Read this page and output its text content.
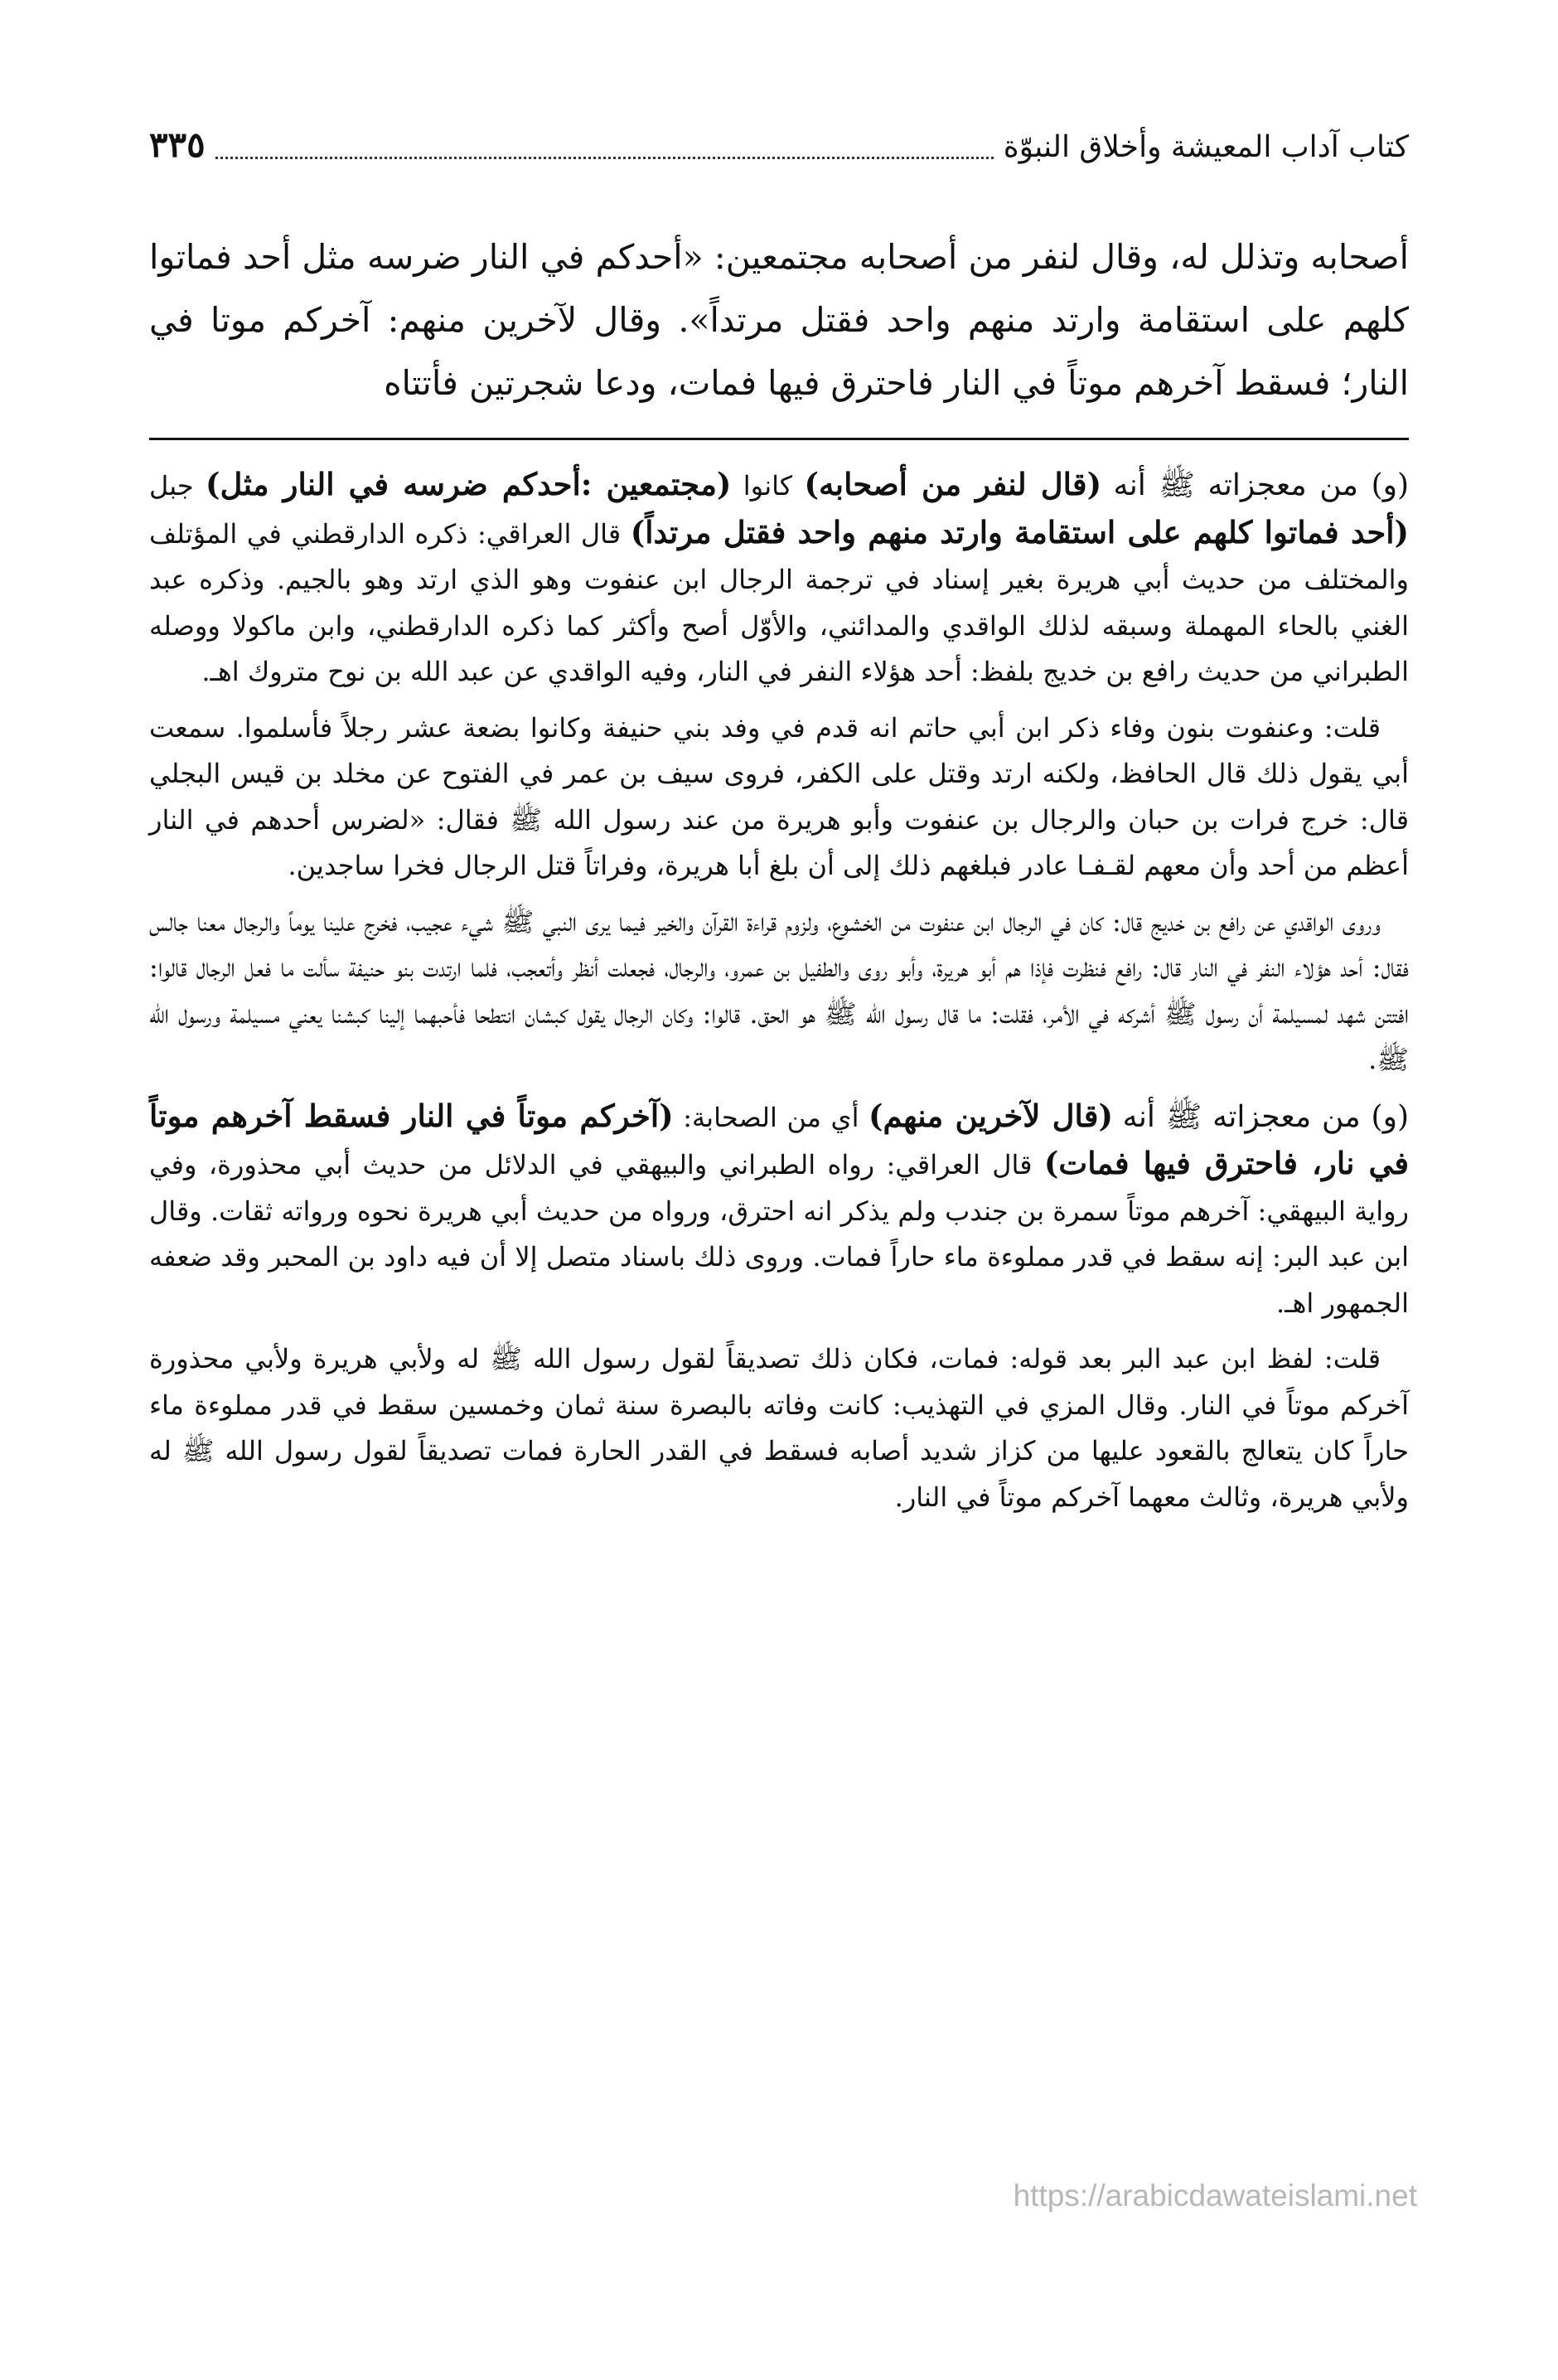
كتاب آداب المعيشة وأخلاق النبوّة
٣٣٥
أصحابه وتذلل له، وقال لنفر من أصحابه مجتمعين: «أحدكم في النار ضرسه مثل أحد فماتوا كلهم على استقامة وارتد منهم واحد فقتل مرتداً». وقال لآخرين منهم: آخركم موتا في النار؛ فسقط آخرهم موتاً في النار فاحترق فيها فمات، ودعا شجرتين فأتتاه

(و) من معجزاته ﷺ أنه (قال لنفر من أصحابه) كانوا (مجتمعين :أحدكم ضرسه في النار مثل) جبل (أحد فماتوا كلهم على استقامة وارتد منهم واحد فقتل مرتداً) قال العراقي: ذكره الدارقطني في المؤتلف والمختلف من حديث أبي هريرة بغير إسناد في ترجمة الرجال ابن عنفوت وهو الذي ارتد وهو بالجيم. وذكره عبد الغني بالحاء المهملة وسبقه لذلك الواقدي والمدائني، والأوّل أصح وأكثر كما ذكره الدارقطني، وابن ماكولا ووصله الطبراني من حديث رافع بن خديج بلفظ: أحد هؤلاء النفر في النار، وفيه الواقدي عن عبد الله بن نوح متروك اهـ.

قلت: وعنفوت بنون وفاء ذكر ابن أبي حاتم انه قدم في وفد بني حنيفة وكانوا بضعة عشر رجلاً فأسلموا. سمعت أبي يقول ذلك قال الحافظ، ولكنه ارتد وقتل على الكفر، فروى سيف بن عمر في الفتوح عن مخلد بن قيس البجلي قال: خرج فرات بن حبان والرجال بن عنفوت وأبو هريرة من عند رسول الله ﷺ فقال: «لضرس أحدهم في النار أعظم من أحد وأن معهم لقـفـا عادر فبلغهم ذلك إلى أن بلغ أبا هريرة، وفراتاً قتل الرجال فخرا ساجدين.

وروى الواقدي عن رافع بن خديج قال: كان في الرجال ابن عنفوت من الخشوع، ولزوم قراءة القرآن والخير فيما يرى النبي ﷺ شيء عجيب، فخرج علينا يوماً والرجال معنا جالس فقال: أحد هؤلاء النفر في النار قال: رافع فنظرت فإذا هم أبو هريرة، وأبو روى والطفيل بن عمرو، والرجال، فجعلت أنظر وأتعجب، فلما ارتدت بنو حنيفة سألت ما فعل الرجال قالوا: افتتن شهد لمسيلمة أن رسول ﷺ أشركه في الأمر، فقلت: ما قال رسول الله ﷺ هو الحق. قالوا: وكان الرجال يقول كبشان انتطحا فأحبهما إلينا كبشنا يعني مسيلمة ورسول الله ﷺ.

(و) من معجزاته ﷺ أنه (قال لآخرين منهم) أي من الصحابة: (آخركم موتاً في النار فسقط آخرهم موتاً في نار، فاحترق فيها فمات) قال العراقي: رواه الطبراني والبيهقي في الدلائل من حديث أبي محذورة، وفي رواية البيهقي: آخرهم موتاً سمرة بن جندب ولم يذكر انه احترق، ورواه من حديث أبي هريرة نحوه ورواته ثقات. وقال ابن عبد البر: إنه سقط في قدر مملوءة ماء حاراً فمات. وروى ذلك باسناد متصل إلا أن فيه داود بن المحبر وقد ضعفه الجمهور اهـ.

قلت: لفظ ابن عبد البر بعد قوله: فمات، فكان ذلك تصديقاً لقول رسول الله ﷺ له ولأبي هريرة ولأبي محذورة آخركم موتاً في النار. وقال المزي في التهذيب: كانت وفاته بالبصرة سنة ثمان وخمسين سقط في قدر مملوءة ماء حاراً كان يتعالج بالقعود عليها من كزاز شديد أصابه فسقط في القدر الحارة فمات تصديقاً لقول رسول الله ﷺ له ولأبي هريرة، وثالث معهما آخركم موتاً في النار.

https://arabicdawateislami.net
